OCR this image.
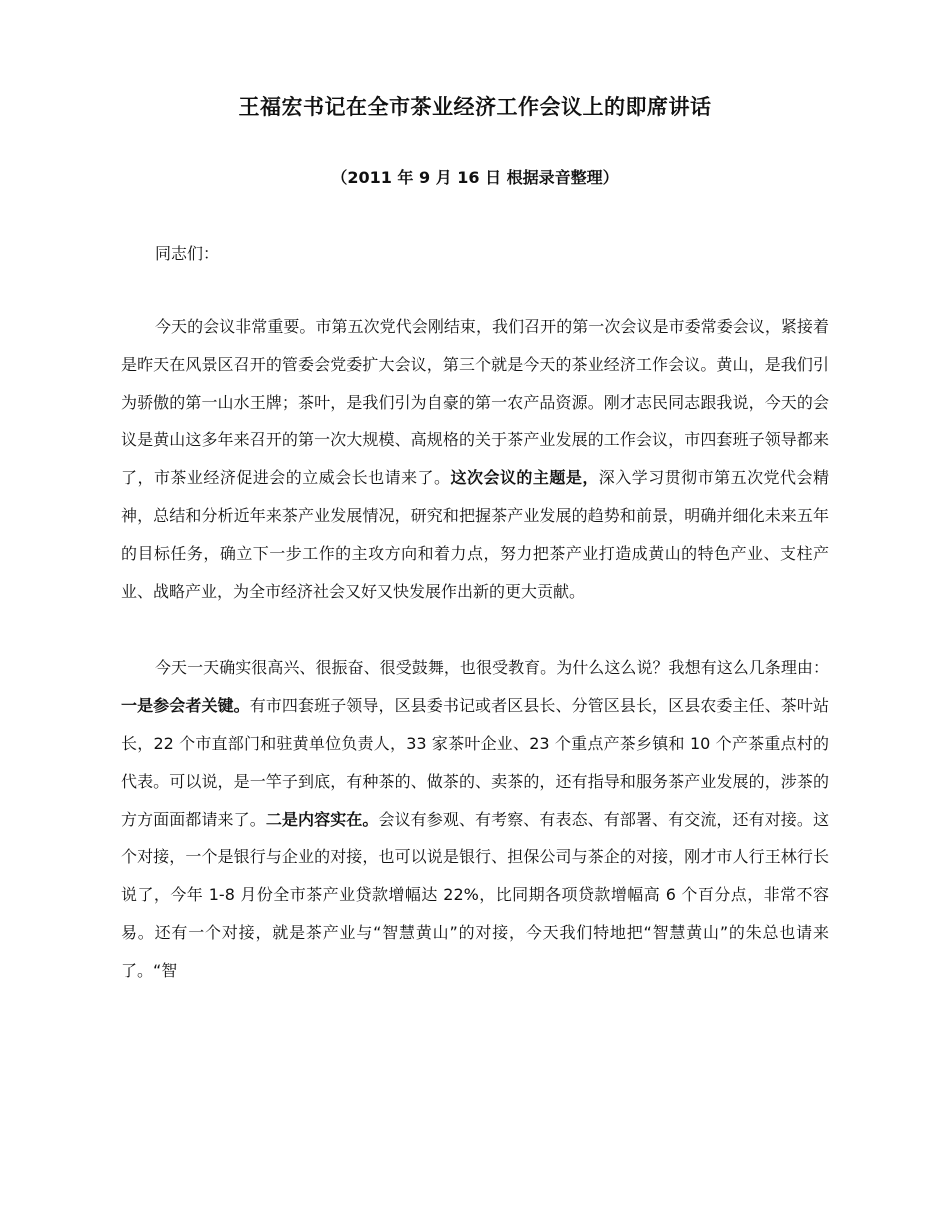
王福宏书记在全市茶业经济工作会议上的即席讲话

（2011 年 9 月 16 日 根据录音整理）

同志们：

今天的会议非常重要。市第五次党代会刚结束，我们召开的第一次会议是市委常委会议，紧接着是昨天在风景区召开的管委会党委扩大会议，第三个就是今天的茶业经济工作会议。黄山，是我们引为骄傲的第一山水王牌；茶叶，是我们引为自豪的第一农产品资源。刚才志民同志跟我说，今天的会议是黄山这多年来召开的第一次大规模、高规格的关于茶产业发展的工作会议，市四套班子领导都来了，市茶业经济促进会的立威会长也请来了。这次会议的主题是，深入学习贯彻市第五次党代会精神，总结和分析近年来茶产业发展情况，研究和把握茶产业发展的趋势和前景，明确并细化未来五年的目标任务，确立下一步工作的主攻方向和着力点，努力把茶产业打造成黄山的特色产业、支柱产业、战略产业，为全市经济社会又好又快发展作出新的更大贡献。

今天一天确实很高兴、很振奋、很受鼓舞，也很受教育。为什么这么说？我想有这么几条理由：一是参会者关键。有市四套班子领导，区县委书记或者区县长、分管区县长，区县农委主任、茶叶站长，22 个市直部门和驻黄单位负责人，33 家茶叶企业、23 个重点产茶乡镇和 10 个产茶重点村的代表。可以说，是一竿子到底，有种茶的、做茶的、卖茶的，还有指导和服务茶产业发展的，涉茶的方方面面都请来了。二是内容实在。会议有参观、有考察、有表态、有部署、有交流，还有对接。这个对接，一个是银行与企业的对接，也可以说是银行、担保公司与茶企的对接，刚才市人行王林行长说了，今年 1-8 月份全市茶产业贷款增幅达 22%，比同期各项贷款增幅高 6 个百分点，非常不容易。还有一个对接，就是茶产业与“智慧黄山”的对接，今天我们特地把“智慧黄山”的朱总也请来了。“智
